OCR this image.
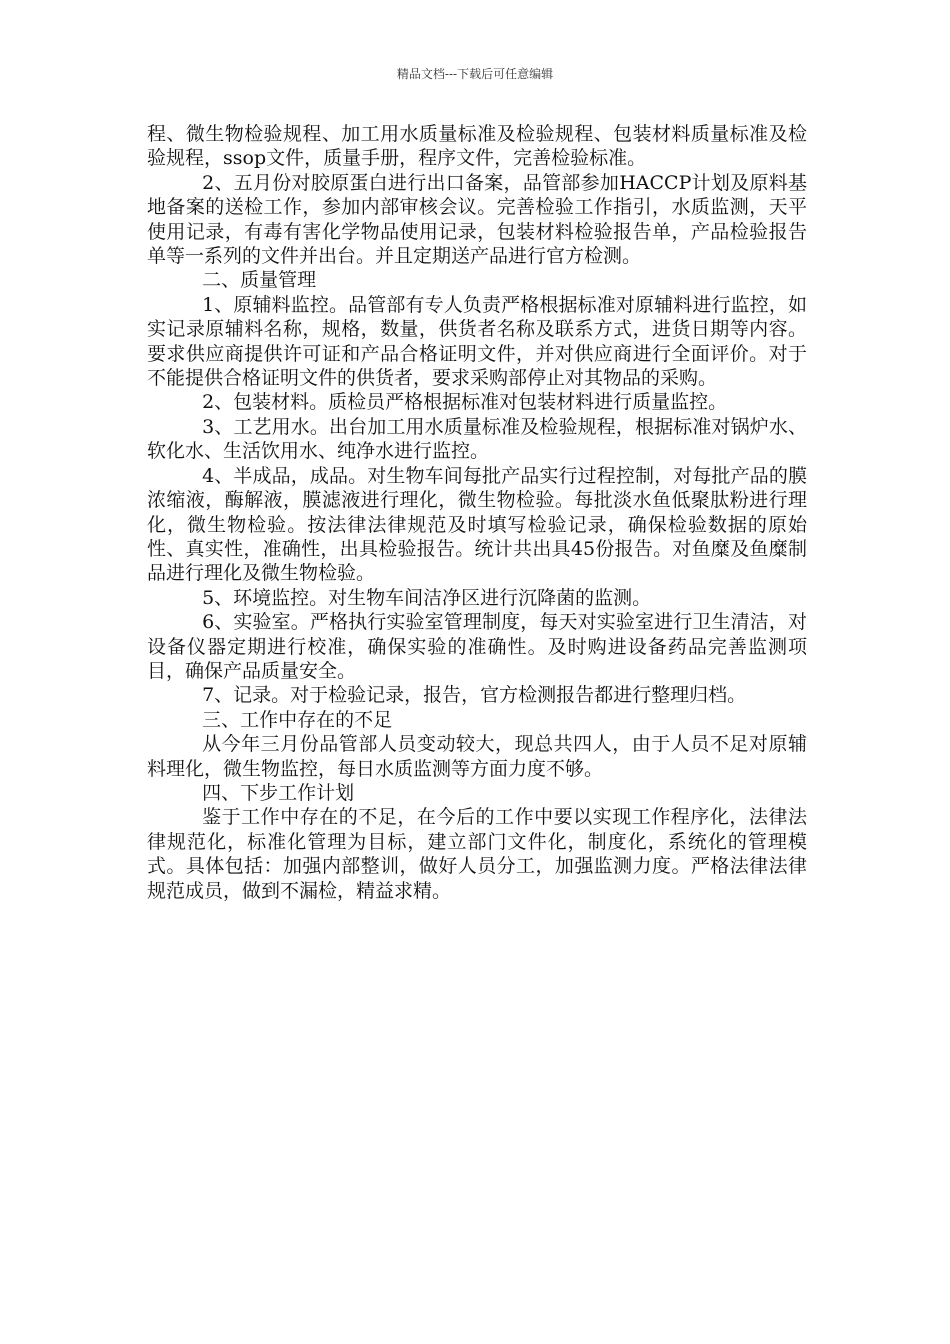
精品文档---下载后可任意编辑

程、微生物检验规程、加工用水质量标准及检验规程、包装材料质量标准及检验规程，ssop文件，质量手册，程序文件，完善检验标准。

2、五月份对胶原蛋白进行出口备案，品管部参加HACCP计划及原料基地备案的送检工作，参加内部审核会议。完善检验工作指引，水质监测，天平使用记录，有毒有害化学物品使用记录，包装材料检验报告单，产品检验报告单等一系列的文件并出台。并且定期送产品进行官方检测。

二、质量管理

1、原辅料监控。品管部有专人负责严格根据标准对原辅料进行监控，如实记录原辅料名称，规格，数量，供货者名称及联系方式，进货日期等内容。要求供应商提供许可证和产品合格证明文件，并对供应商进行全面评价。对于不能提供合格证明文件的供货者，要求采购部停止对其物品的采购。

2、包装材料。质检员严格根据标准对包装材料进行质量监控。

3、工艺用水。出台加工用水质量标准及检验规程，根据标准对锅炉水、软化水、生活饮用水、纯净水进行监控。

4、半成品，成品。对生物车间每批产品实行过程控制，对每批产品的膜浓缩液，酶解液，膜滤液进行理化，微生物检验。每批淡水鱼低聚肽粉进行理化，微生物检验。按法律法律规范及时填写检验记录，确保检验数据的原始性、真实性，准确性，出具检验报告。统计共出具45份报告。对鱼糜及鱼糜制品进行理化及微生物检验。

5、环境监控。对生物车间洁净区进行沉降菌的监测。

6、实验室。严格执行实验室管理制度，每天对实验室进行卫生清洁，对设备仪器定期进行校准，确保实验的准确性。及时购进设备药品完善监测项目，确保产品质量安全。

7、记录。对于检验记录，报告，官方检测报告都进行整理归档。

三、工作中存在的不足

从今年三月份品管部人员变动较大，现总共四人，由于人员不足对原辅料理化，微生物监控，每日水质监测等方面力度不够。

四、下步工作计划

鉴于工作中存在的不足，在今后的工作中要以实现工作程序化，法律法律规范化，标准化管理为目标，建立部门文件化，制度化，系统化的管理模式。具体包括：加强内部整训，做好人员分工，加强监测力度。严格法律法律规范成员，做到不漏检，精益求精。
